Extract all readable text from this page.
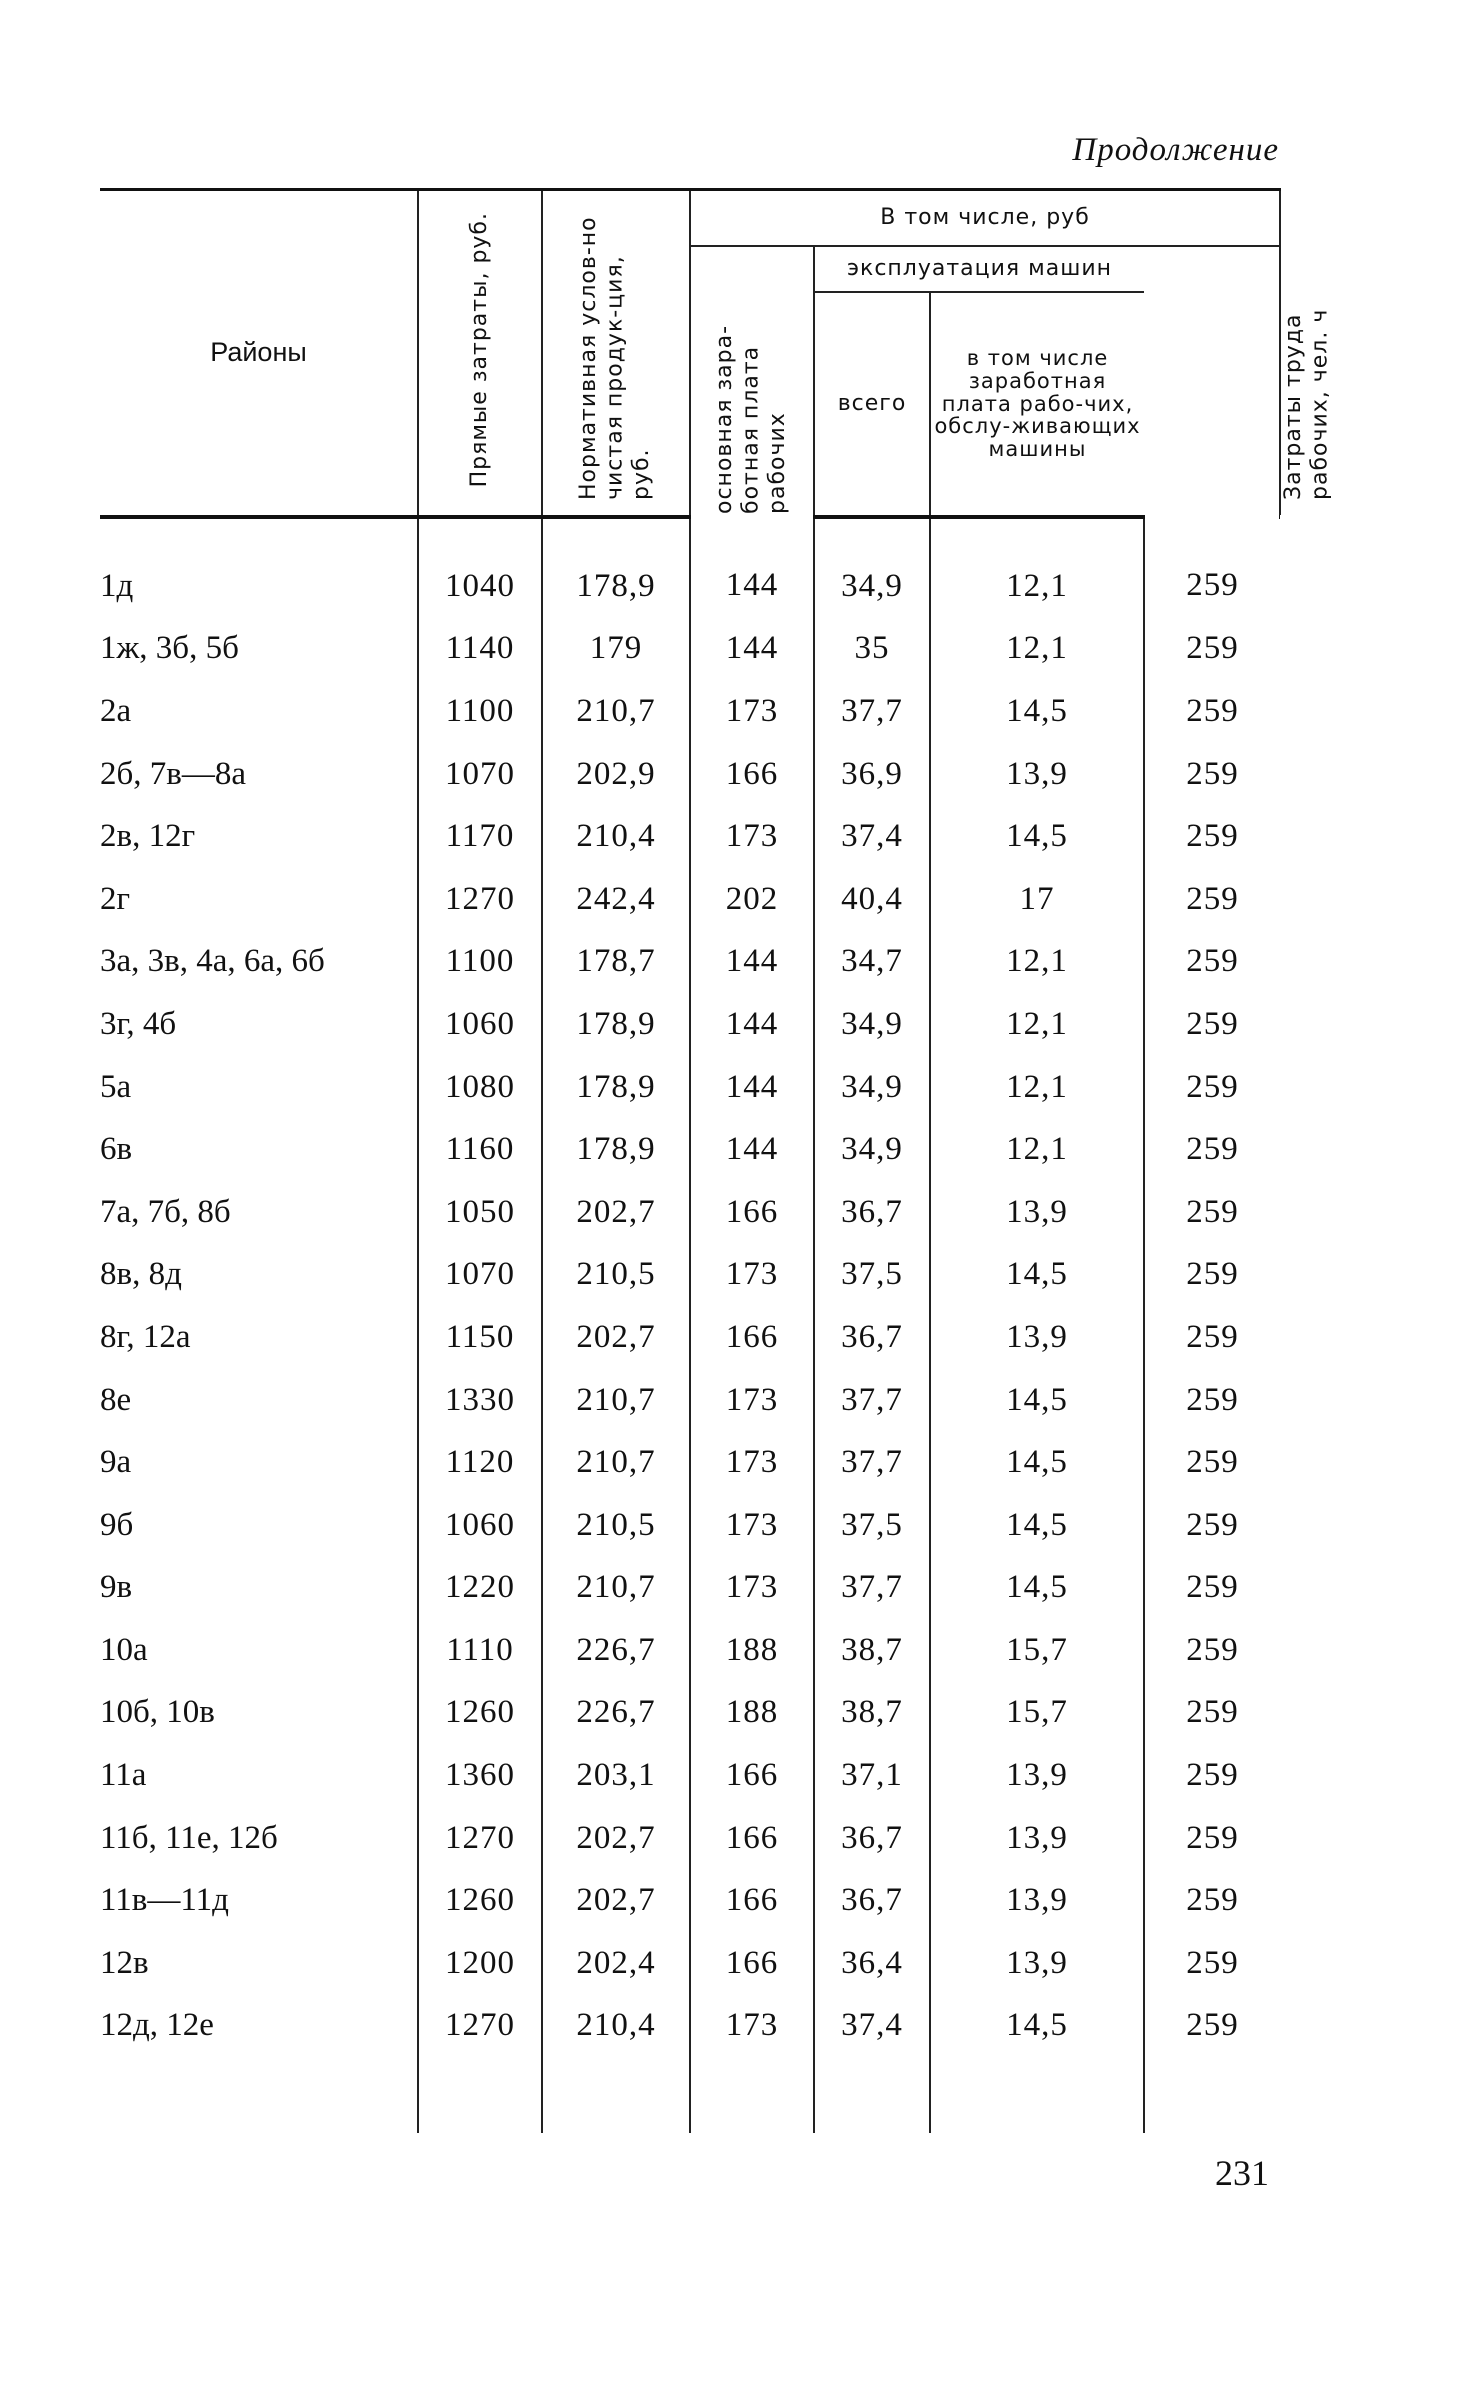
Продолжение
Районы	Прямые затраты, руб.	Нормативная услов-но чистая продук-ция, руб.	В том числе, руб				Затраты труда рабочих, чел. ч
			основная зара-ботная плата рабочих	эксплуатация машин			
				всего	в том числе заработная плата рабо-чих, обслу-живающих машины		

1д	1040	178,9	144	34,9	12,1	259	
1ж, 3б, 5б	1140	179	144	35	12,1	259	
2а	1100	210,7	173	37,7	14,5	259	
2б, 7в—8а	1070	202,9	166	36,9	13,9	259	
2в, 12г	1170	210,4	173	37,4	14,5	259	
2г	1270	242,4	202	40,4	17	259	
3а, 3в, 4а, 6а, 6б	1100	178,7	144	34,7	12,1	259	
3г, 4б	1060	178,9	144	34,9	12,1	259	
5а	1080	178,9	144	34,9	12,1	259	
6в	1160	178,9	144	34,9	12,1	259	
7а, 7б, 8б	1050	202,7	166	36,7	13,9	259	
8в, 8д	1070	210,5	173	37,5	14,5	259	
8г, 12а	1150	202,7	166	36,7	13,9	259	
8е	1330	210,7	173	37,7	14,5	259	
9а	1120	210,7	173	37,7	14,5	259	
9б	1060	210,5	173	37,5	14,5	259	
9в	1220	210,7	173	37,7	14,5	259	
10а	1110	226,7	188	38,7	15,7	259	
10б, 10в	1260	226,7	188	38,7	15,7	259	
11а	1360	203,1	166	37,1	13,9	259	
11б, 11е, 12б	1270	202,7	166	36,7	13,9	259	
11в—11д	1260	202,7	166	36,7	13,9	259	
12в	1200	202,4	166	36,4	13,9	259	
12д, 12е	1270	210,4	173	37,4	14,5	259	
231
